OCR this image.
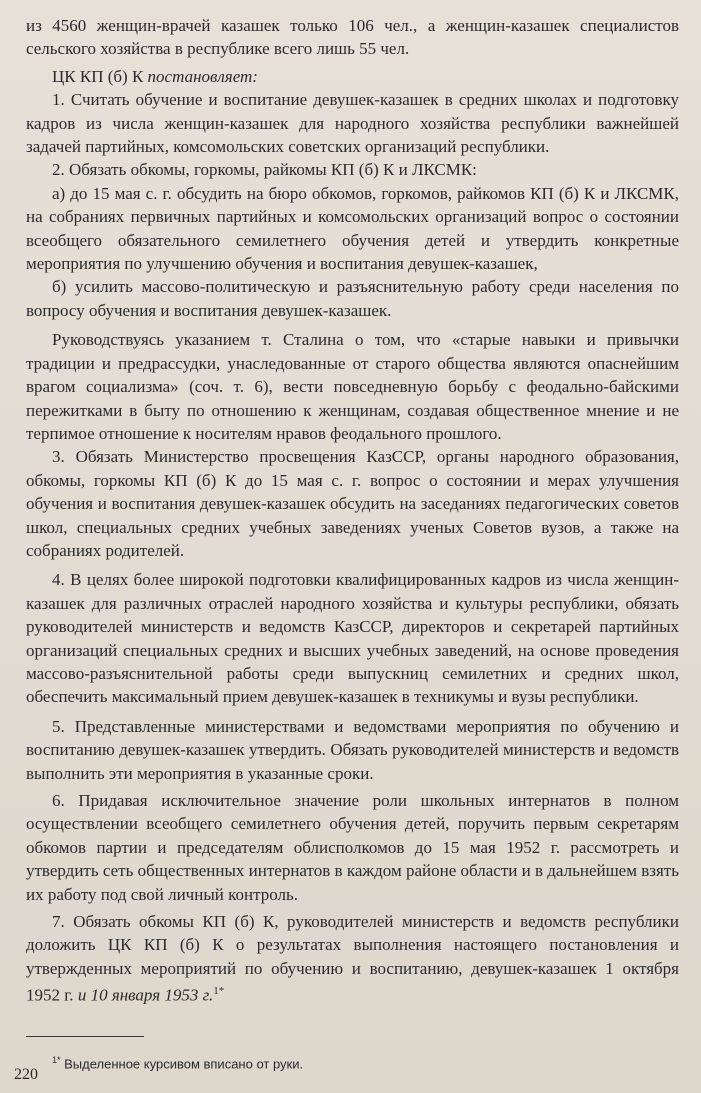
из 4560 женщин-врачей казашек только 106 чел., а женщин-казашек специалистов сельского хозяйства в республике всего лишь 55 чел.

ЦК КП (б) К постановляет:

1. Считать обучение и воспитание девушек-казашек в средних школах и подготовку кадров из числа женщин-казашек для народного хозяйства республики важнейшей задачей партийных, комсомольских советских организаций республики.

2. Обязать обкомы, горкомы, райкомы КП (б) К и ЛКСМК:

а) до 15 мая с. г. обсудить на бюро обкомов, горкомов, райкомов КП (б) К и ЛКСМК, на собраниях первичных партийных и комсомольских организаций вопрос о состоянии всеобщего обязательного семилетнего обучения детей и утвердить конкретные мероприятия по улучшению обучения и воспитания девушек-казашек,

б) усилить массово-политическую и разъяснительную работу среди населения по вопросу обучения и воспитания девушек-казашек.

Руководствуясь указанием т. Сталина о том, что «старые навыки и привычки традиции и предрассудки, унаследованные от старого общества являются опаснейшим врагом социализма» (соч. т. 6), вести повседневную борьбу с феодально-байскими пережитками в быту по отношению к женщинам, создавая общественное мнение и не терпимое отношение к носителям нравов феодального прошлого.

3. Обязать Министерство просвещения КазССР, органы народного образования, обкомы, горкомы КП (б) К до 15 мая с. г. вопрос о состоянии и мерах улучшения обучения и воспитания девушек-казашек обсудить на заседаниях педагогических советов школ, специальных средних учебных заведениях ученых Советов вузов, а также на собраниях родителей.

4. В целях более широкой подготовки квалифицированных кадров из числа женщин-казашек для различных отраслей народного хозяйства и культуры республики, обязать руководителей министерств и ведомств КазССР, директоров и секретарей партийных организаций специальных средних и высших учебных заведений, на основе проведения массово-разъяснительной работы среди выпускниц семилетних и средних школ, обеспечить максимальный прием девушек-казашек в техникумы и вузы республики.

5. Представленные министерствами и ведомствами мероприятия по обучению и воспитанию девушек-казашек утвердить. Обязать руководителей министерств и ведомств выполнить эти мероприятия в указанные сроки.

6. Придавая исключительное значение роли школьных интернатов в полном осуществлении всеобщего семилетнего обучения детей, поручить первым секретарям обкомов партии и председателям облисполкомов до 15 мая 1952 г. рассмотреть и утвердить сеть общественных интернатов в каждом районе области и в дальнейшем взять их работу под свой личный контроль.

7. Обязать обкомы КП (б) К, руководителей министерств и ведомств республики доложить ЦК КП (б) К о результатах выполнения настоящего постановления и утвержденных мероприятий по обучению и воспитанию, девушек-казашек 1 октября 1952 г. и 10 января 1953 г.$^{1*}$

$^{1*}$ Выделенное курсивом вписано от руки.
220
